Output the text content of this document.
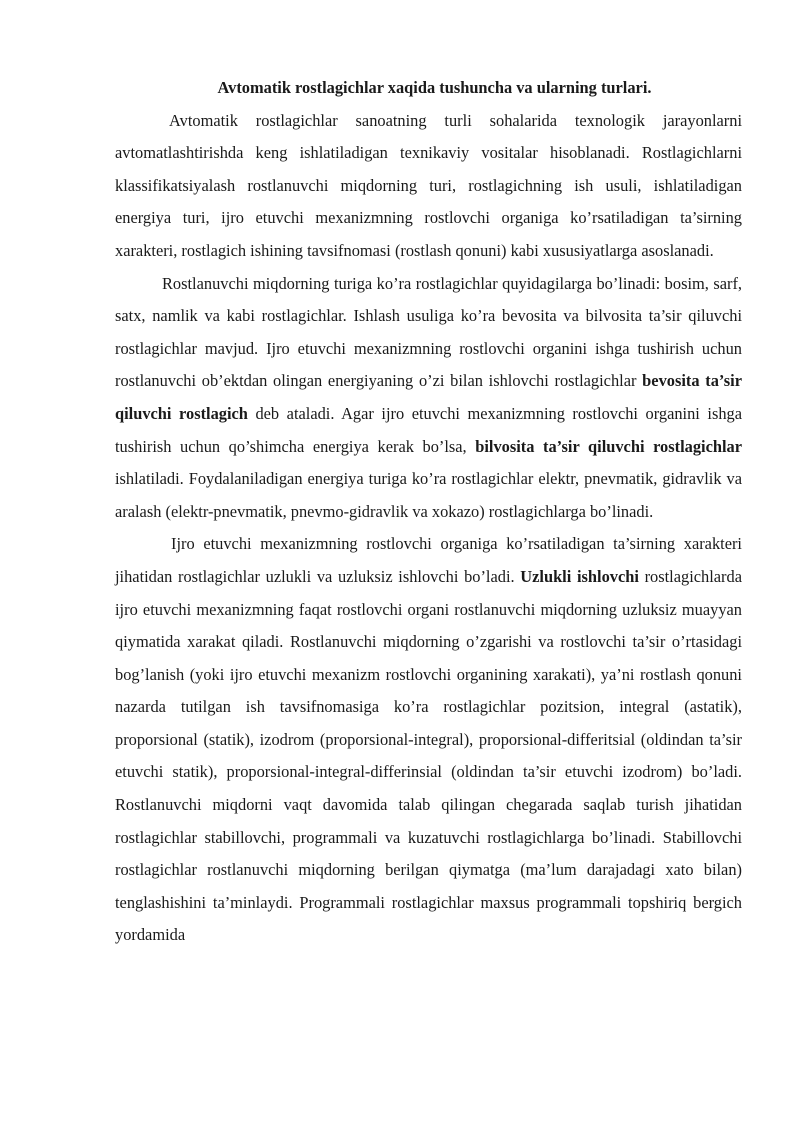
Avtomatik rostlagichlar xaqida tushuncha va ularning turlari.

Avtomatik rostlagichlar sanoatning turli sohalarida texnologik jarayonlarni avtomatlashtirishda keng ishlatiladigan texnikaviy vositalar hisoblanadi. Rostlagichlarni klassifikatsiyalash rostlanuvchi miqdorning turi, rostlagichning ish usuli, ishlatiladigan energiya turi, ijro etuvchi mexanizmning rostlovchi organiga ko’rsatiladigan ta’sirning xarakteri, rostlagich ishining tavsifnomasi (rostlash qonuni) kabi xususiyatlarga asoslanadi.

Rostlanuvchi miqdorning turiga ko’ra rostlagichlar quyidagilarga bo’linadi: bosim, sarf, satx, namlik va kabi rostlagichlar. Ishlash usuliga ko’ra bevosita va bilvosita ta’sir qiluvchi rostlagichlar mavjud. Ijro etuvchi mexanizmning rostlovchi organini ishga tushirish uchun rostlanuvchi ob’ektdan olingan energiyaning o’zi bilan ishlovchi rostlagichlar bevosita ta’sir qiluvchi rostlagich deb ataladi. Agar ijro etuvchi mexanizmning rostlovchi organini ishga tushirish uchun qo’shimcha energiya kerak bo’lsa, bilvosita ta’sir qiluvchi rostlagichlar ishlatiladi. Foydalaniladigan energiya turiga ko’ra rostlagichlar elektr, pnevmatik, gidravlik va aralash (elektr-pnevmatik, pnevmo-gidravlik va xokazo) rostlagichlarga bo’linadi.

Ijro etuvchi mexanizmning rostlovchi organiga ko’rsatiladigan ta’sirning xarakteri jihatidan rostlagichlar uzlukli va uzluksiz ishlovchi bo’ladi. Uzlukli ishlovchi rostlagichlarda ijro etuvchi mexanizmning faqat rostlovchi organi rostlanuvchi miqdorning uzluksiz muayyan qiymatida xarakat qiladi. Rostlanuvchi miqdorning o’zgarishi va rostlovchi ta’sir o’rtasidagi bog’lanish (yoki ijro etuvchi mexanizm rostlovchi organining xarakati), ya’ni rostlash qonuni nazarda tutilgan ish tavsifnomasiga ko’ra rostlagichlar pozitsion, integral (astatik), proporsional (statik), izodrom (proporsional-integral), proporsional-differitsial (oldindan ta’sir etuvchi statik), proporsional-integral-differinsial (oldindan ta’sir etuvchi izodrom) bo’ladi. Rostlanuvchi miqdorni vaqt davomida talab qilingan chegarada saqlab turish jihatidan rostlagichlar stabillovchi, programmali va kuzatuvchi rostlagichlarga bo’linadi. Stabillovchi rostlagichlar rostlanuvchi miqdorning berilgan qiymatga (ma’lum darajadagi xato bilan) tenglashishini ta’minlaydi. Programmali rostlagichlar maxsus programmali topshiriq bergich yordamida
